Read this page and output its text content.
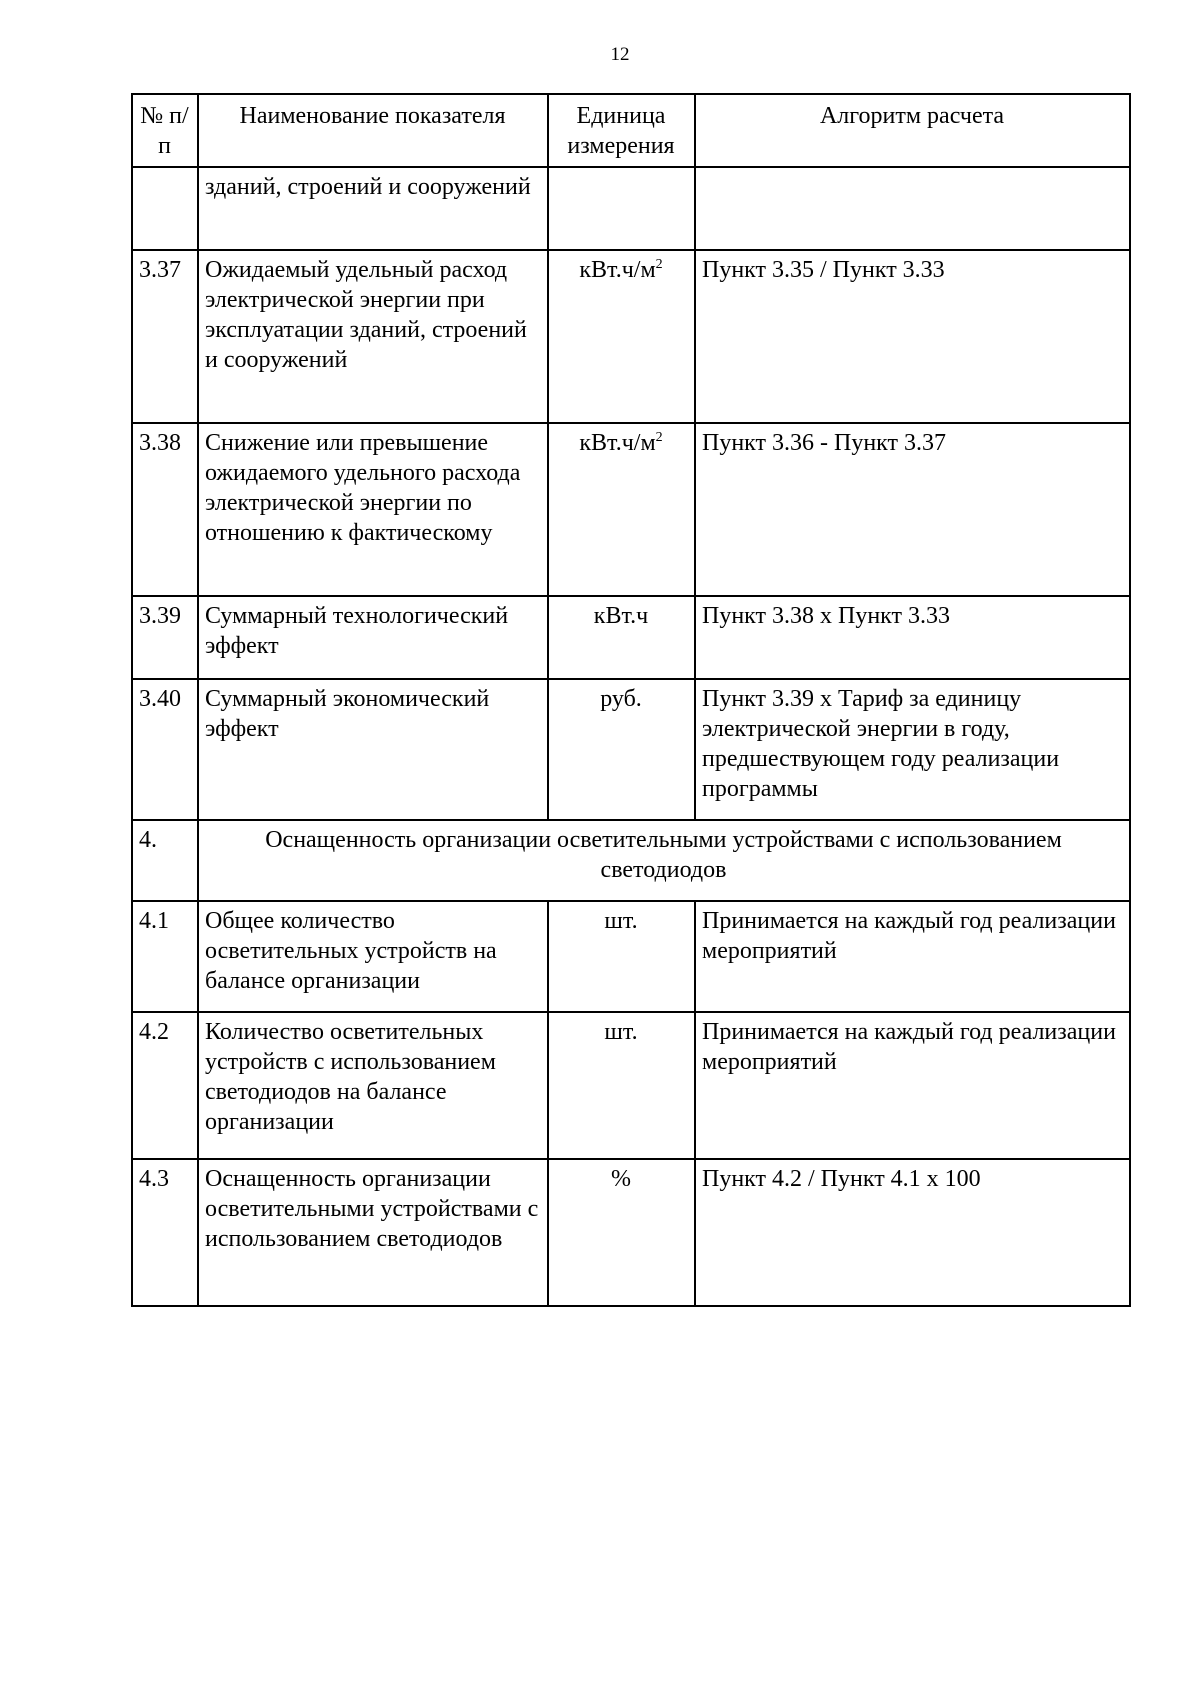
12
№ п/п	Наименование показателя	Единица измерения	Алгоритм расчета
	зданий, строений и сооружений		
3.37	Ожидаемый удельный расход электрической энергии при эксплуатации зданий, строений и сооружений	$кВт.ч/м^2$	Пункт 3.35 / Пункт 3.33
3.38	Снижение или превышение ожидаемого удельного расхода электрической энергии по отношению к фактическому	$кВт.ч/м^2$	Пункт 3.36 - Пункт 3.37
3.39	Суммарный технологический эффект	кВт.ч	Пункт 3.38 х Пункт 3.33
3.40	Суммарный экономический эффект	руб.	Пункт 3.39 х Тариф за единицу электрической энергии в году, предшествующем году реализации программы
4.	Оснащенность организации осветительными устройствами с использованием светодиодов		
4.1	Общее количество осветительных устройств на балансе организации	шт.	Принимается на каждый год реализации мероприятий
4.2	Количество осветительных устройств с использованием светодиодов на балансе организации	шт.	Принимается на каждый год реализации мероприятий
4.3	Оснащенность организации осветительными устройствами с использованием светодиодов	%	Пункт 4.2 / Пункт 4.1 х 100
